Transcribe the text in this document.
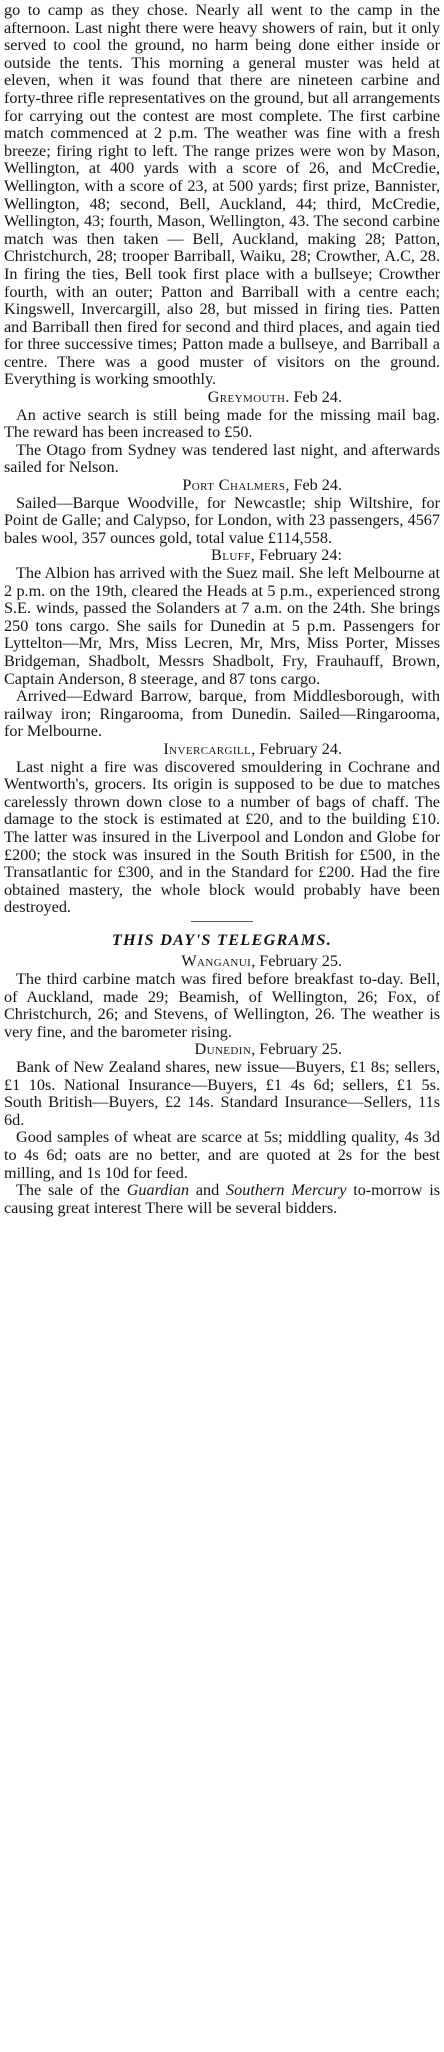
go to camp as they chose. Nearly all went to the camp in the afternoon. Last night there were heavy showers of rain, but it only served to cool the ground, no harm being done either inside or outside the tents. This morning a general muster was held at eleven, when it was found that there are nineteen carbine and forty-three rifle representatives on the ground, but all arrangements for carrying out the contest are most complete. The first carbine match commenced at 2 p.m. The weather was fine with a fresh breeze; firing right to left. The range prizes were won by Mason, Wellington, at 400 yards with a score of 26, and McCredie, Wellington, with a score of 23, at 500 yards; first prize, Bannister, Wellington, 48; second, Bell, Auckland, 44; third, McCredie, Wellington, 43; fourth, Mason, Wellington, 43. The second carbine match was then taken — Bell, Auckland, making 28; Patton, Christchurch, 28; trooper Barriball, Waiku, 28; Crowther, A.C, 28. In firing the ties, Bell took first place with a bullseye; Crowther fourth, with an outer; Patton and Barriball with a centre each; Kingswell, Invercargill, also 28, but missed in firing ties. Patten and Barriball then fired for second and third places, and again tied for three successive times; Patton made a bullseye, and Barriball a centre. There was a good muster of visitors on the ground. Everything is working smoothly.

Greymouth. Feb 24.

An active search is still being made for the missing mail bag. The reward has been increased to £50.

The Otago from Sydney was tendered last night, and afterwards sailed for Nelson.

Port Chalmers, Feb 24.

Sailed—Barque Woodville, for Newcastle; ship Wiltshire, for Point de Galle; and Calypso, for London, with 23 passengers, 4567 bales wool, 357 ounces gold, total value £114,558.

Bluff, February 24:

The Albion has arrived with the Suez mail. She left Melbourne at 2 p.m. on the 19th, cleared the Heads at 5 p.m., experienced strong S.E. winds, passed the Solanders at 7 a.m. on the 24th. She brings 250 tons cargo. She sails for Dunedin at 5 p.m. Passengers for Lyttelton—Mr, Mrs, Miss Lecren, Mr, Mrs, Miss Porter, Misses Bridgeman, Shadbolt, Messrs Shadbolt, Fry, Frauhauff, Brown, Captain Anderson, 8 steerage, and 87 tons cargo.

Arrived—Edward Barrow, barque, from Middlesborough, with railway iron; Ringarooma, from Dunedin. Sailed—Ringarooma, for Melbourne.

Invercargill, February 24.

Last night a fire was discovered smouldering in Cochrane and Wentworth's, grocers. Its origin is supposed to be due to matches carelessly thrown down close to a number of bags of chaff. The damage to the stock is estimated at £20, and to the building £10. The latter was insured in the Liverpool and London and Globe for £200; the stock was insured in the South British for £500, in the Transatlantic for £300, and in the Standard for £200. Had the fire obtained mastery, the whole block would probably have been destroyed.

THIS DAY'S TELEGRAMS.

Wanganui, February 25.

The third carbine match was fired before breakfast to-day. Bell, of Auckland, made 29; Beamish, of Wellington, 26; Fox, of Christchurch, 26; and Stevens, of Wellington, 26. The weather is very fine, and the barometer rising.

Dunedin, February 25.

Bank of New Zealand shares, new issue—Buyers, £1 8s; sellers, £1 10s. National Insurance—Buyers, £1 4s 6d; sellers, £1 5s. South British—Buyers, £2 14s. Standard Insurance—Sellers, 11s 6d.

Good samples of wheat are scarce at 5s; middling quality, 4s 3d to 4s 6d; oats are no better, and are quoted at 2s for the best milling, and 1s 10d for feed.

The sale of the Guardian and Southern Mercury to-morrow is causing great interest There will be several bidders.
